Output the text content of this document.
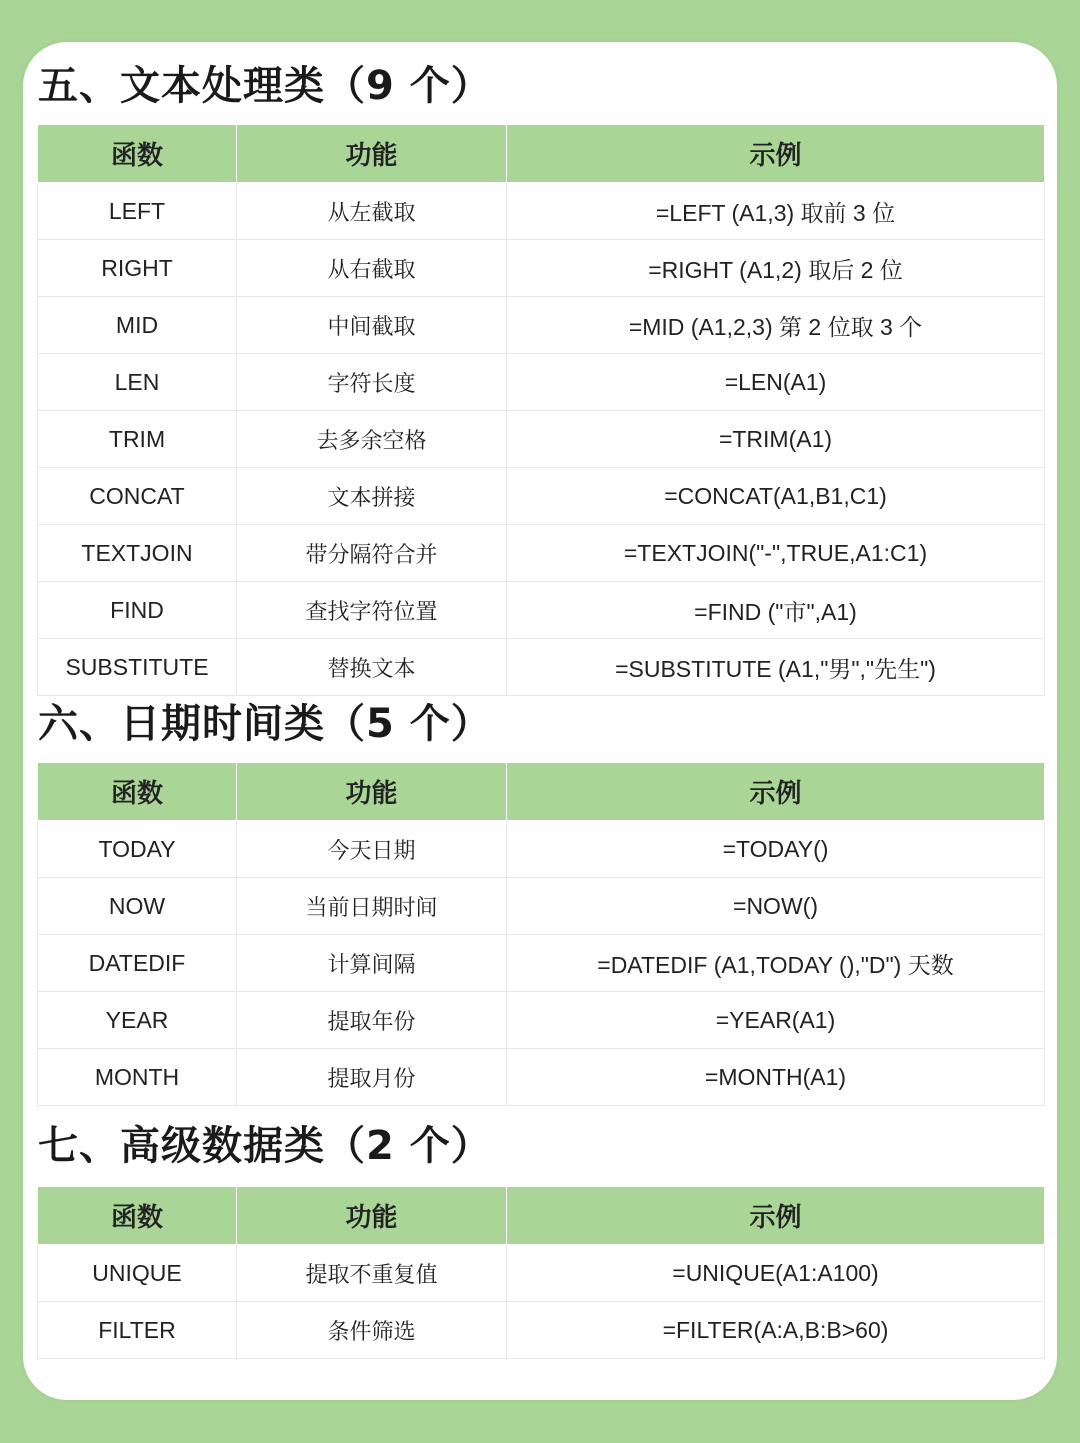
五、文本处理类（9 个）
函数	功能	示例
LEFT	从左截取	=LEFT (A1,3) 取前 3 位
RIGHT	从右截取	=RIGHT (A1,2) 取后 2 位
MID	中间截取	=MID (A1,2,3) 第 2 位取 3 个
LEN	字符长度	=LEN(A1)
TRIM	去多余空格	=TRIM(A1)
CONCAT	文本拼接	=CONCAT(A1,B1,C1)
TEXTJOIN	带分隔符合并	=TEXTJOIN("-",TRUE,A1:C1)
FIND	查找字符位置	=FIND ("市",A1)
SUBSTITUTE	替换文本	=SUBSTITUTE (A1,"男","先生")
六、日期时间类（5 个）
函数	功能	示例
TODAY	今天日期	=TODAY()
NOW	当前日期时间	=NOW()
DATEDIF	计算间隔	=DATEDIF (A1,TODAY (),"D") 天数
YEAR	提取年份	=YEAR(A1)
MONTH	提取月份	=MONTH(A1)
七、高级数据类（2 个）
函数	功能	示例
UNIQUE	提取不重复值	=UNIQUE(A1:A100)
FILTER	条件筛选	=FILTER(A:A,B:B>60)
